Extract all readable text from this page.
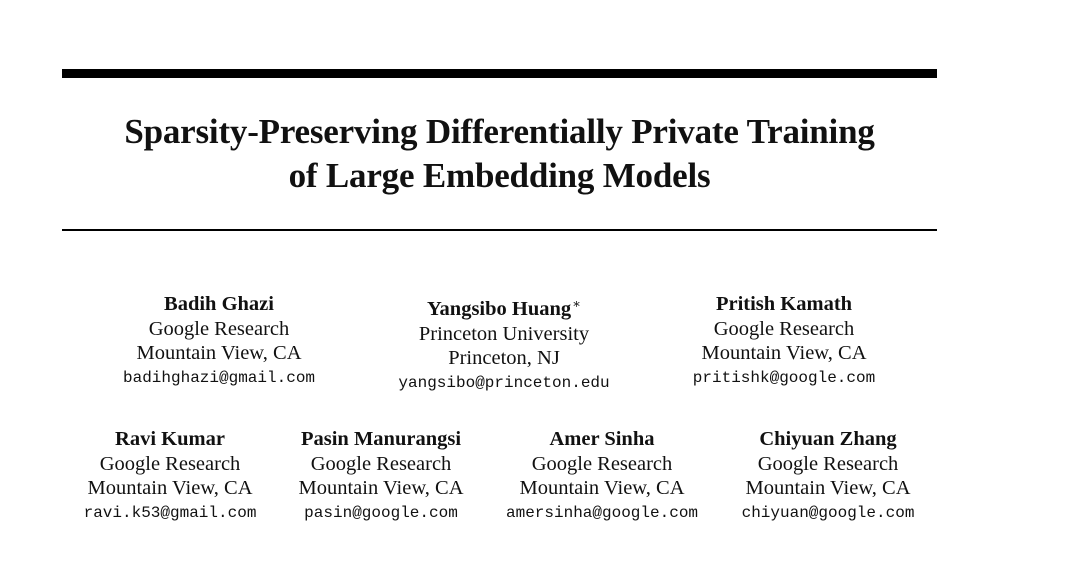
Sparsity-Preserving Differentially Private Training
of Large Embedding Models
Badih Ghazi
Google Research
Mountain View, CA
badihghazi@gmail.com
Yangsibo Huang∗
Princeton University
Princeton, NJ
yangsibo@princeton.edu
Pritish Kamath
Google Research
Mountain View, CA
pritishk@google.com
Ravi Kumar
Google Research
Mountain View, CA
ravi.k53@gmail.com
Pasin Manurangsi
Google Research
Mountain View, CA
pasin@google.com
Amer Sinha
Google Research
Mountain View, CA
amersinha@google.com
Chiyuan Zhang
Google Research
Mountain View, CA
chiyuan@google.com
